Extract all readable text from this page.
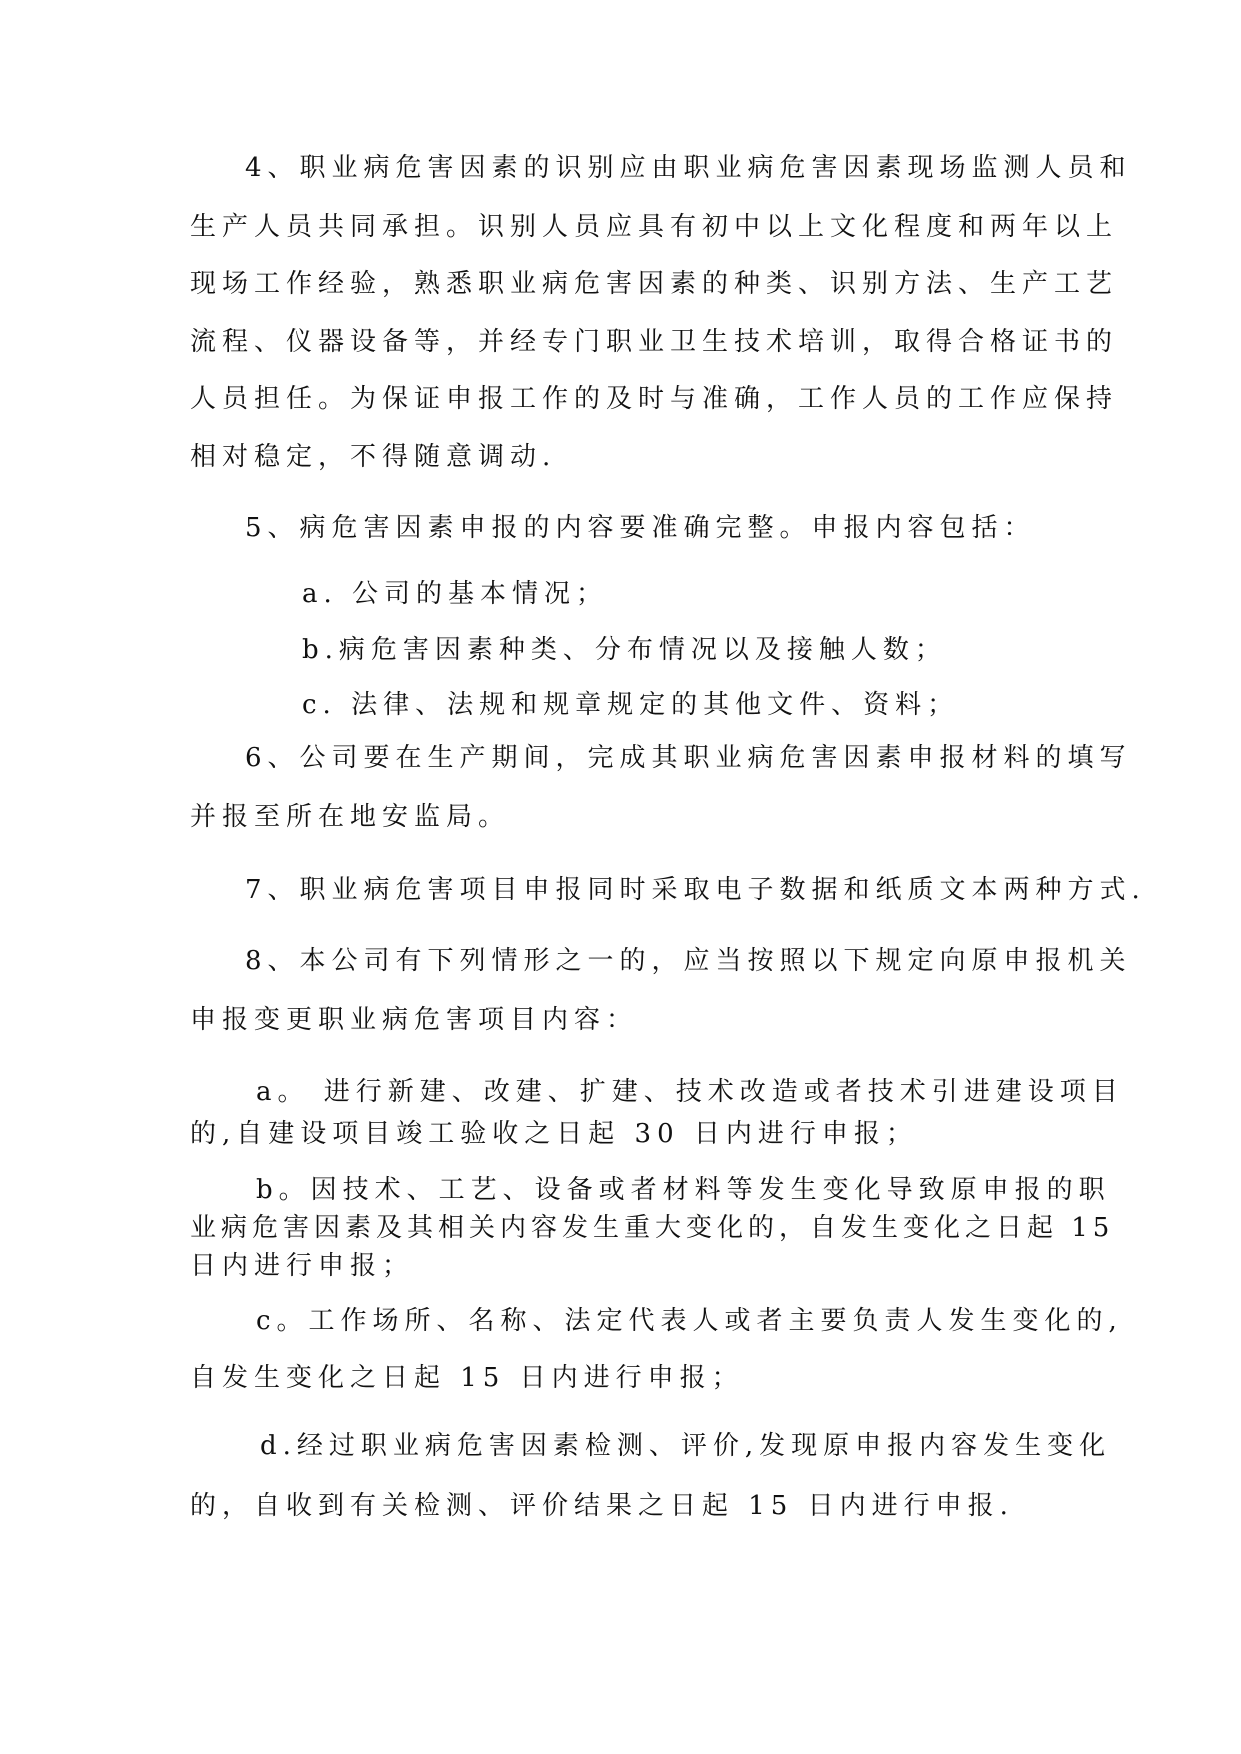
4、职业病危害因素的识别应由职业病危害因素现场监测人员和
生产人员共同承担。识别人员应具有初中以上文化程度和两年以上
现场工作经验，熟悉职业病危害因素的种类、识别方法、生产工艺
流程、仪器设备等，并经专门职业卫生技术培训，取得合格证书的
人员担任。为保证申报工作的及时与准确，工作人员的工作应保持
相对稳定，不得随意调动.
5、病危害因素申报的内容要准确完整。申报内容包括：
a. 公司的基本情况；
b.病危害因素种类、分布情况以及接触人数；
c. 法律、法规和规章规定的其他文件、资料；
6、公司要在生产期间，完成其职业病危害因素申报材料的填写
并报至所在地安监局。
7、职业病危害项目申报同时采取电子数据和纸质文本两种方式.
8、本公司有下列情形之一的，应当按照以下规定向原申报机关
申报变更职业病危害项目内容：
a。 进行新建、改建、扩建、技术改造或者技术引进建设项目
的,自建设项目竣工验收之日起 30 日内进行申报；
b。因技术、工艺、设备或者材料等发生变化导致原申报的职
业病危害因素及其相关内容发生重大变化的，自发生变化之日起 15
日内进行申报；
c。工作场所、名称、法定代表人或者主要负责人发生变化的,
自发生变化之日起 15 日内进行申报；
d.经过职业病危害因素检测、评价,发现原申报内容发生变化
的，自收到有关检测、评价结果之日起 15 日内进行申报.
